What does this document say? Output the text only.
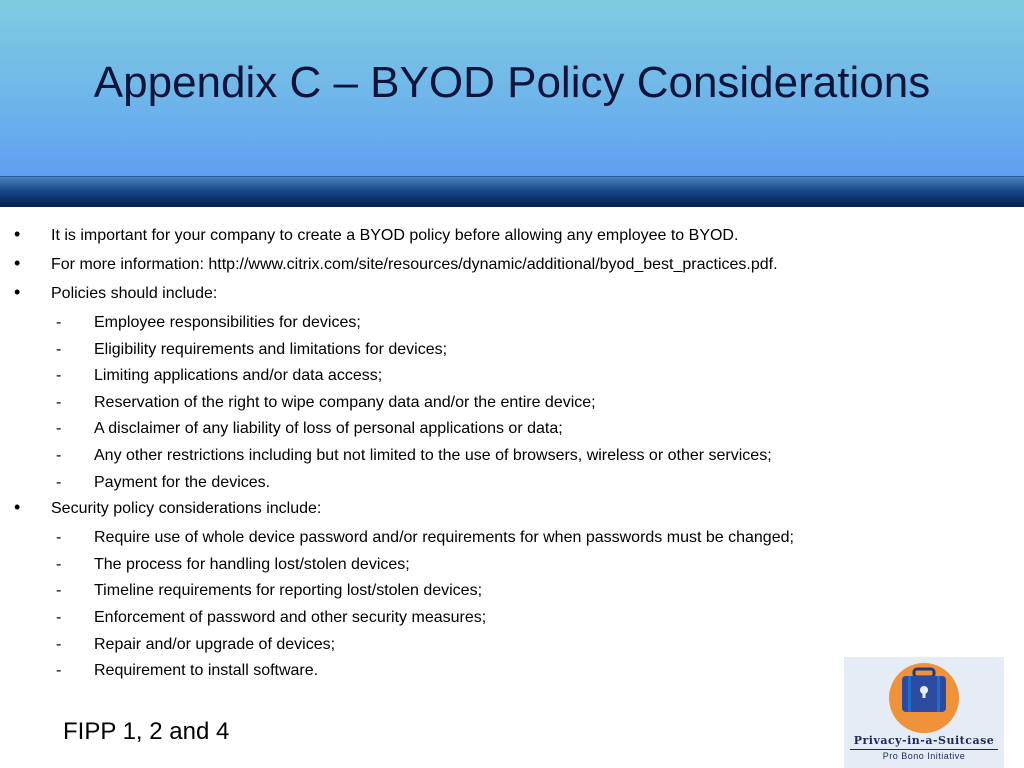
Appendix C – BYOD Policy Considerations
• It is important for your company to create a BYOD policy before allowing any employee to BYOD.
• For more information: http://www.citrix.com/site/resources/dynamic/additional/byod_best_practices.pdf.
• Policies should include:
- Employee responsibilities for devices;
- Eligibility requirements and limitations for devices;
- Limiting applications and/or data access;
- Reservation of the right to wipe company data and/or the entire device;
- A disclaimer of any liability of loss of personal applications or data;
- Any other restrictions including but not limited to the use of browsers, wireless or other services;
- Payment for the devices.
• Security policy considerations include:
- Require use of whole device password and/or requirements for when passwords must be changed;
- The process for handling lost/stolen devices;
- Timeline requirements for reporting lost/stolen devices;
- Enforcement of password and other security measures;
- Repair and/or upgrade of devices;
- Requirement to install software.
FIPP 1, 2 and 4	Privacy-in-a-Suitcase
Pro Bono Initiative
